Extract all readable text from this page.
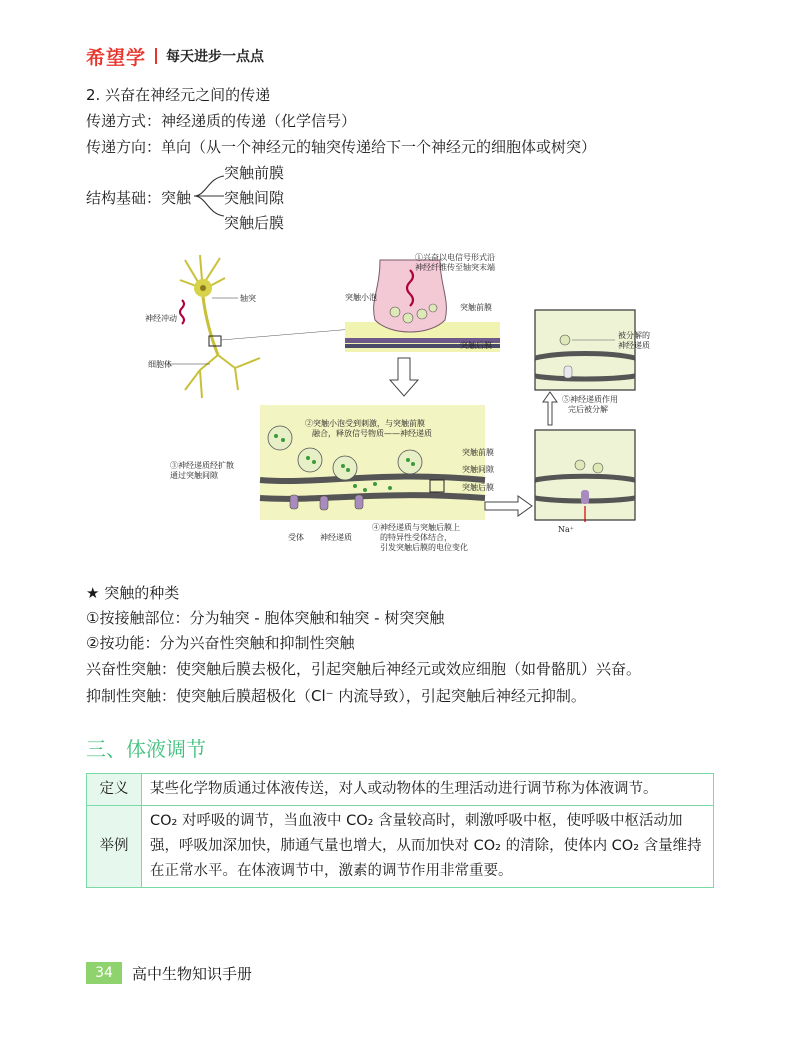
希望学 每天进步一点点
2. 兴奋在神经元之间的传递
传递方式：神经递质的传递（化学信号）
传递方向：单向（从一个神经元的轴突传递给下一个神经元的细胞体或树突）
结构基础：突触
突触前膜
突触间隙
突触后膜
轴突
神经冲动
细胞体
①兴奋以电信号形式沿
神经纤维传至轴突末端
突触小泡
突触前膜
突触后膜
②突触小泡受到刺激，与突触前膜
融合，释放信号物质——神经递质
③神经递质经扩散
通过突触间隙
突触前膜
突触间隙
突触后膜
受体 神经递质
④神经递质与突触后膜上
的特异性受体结合，
引发突触后膜的电位变化
Na⁺
⑤神经递质作用
完后被分解
被分解的
神经递质
★ 突触的种类
①按接触部位：分为轴突 - 胞体突触和轴突 - 树突突触
②按功能：分为兴奋性突触和抑制性突触
兴奋性突触：使突触后膜去极化，引起突触后神经元或效应细胞（如骨骼肌）兴奋。
抑制性突触：使突触后膜超极化（Cl⁻ 内流导致），引起突触后神经元抑制。
三、体液调节
定义	某些化学物质通过体液传送，对人或动物体的生理活动进行调节称为体液调节。
举例	CO₂ 对呼吸的调节，当血液中 CO₂ 含量较高时，刺激呼吸中枢，使呼吸中枢活动加强，呼吸加深加快，肺通气量也增大，从而加快对 CO₂ 的清除，使体内 CO₂ 含量维持在正常水平。在体液调节中，激素的调节作用非常重要。
34	高中生物知识手册
